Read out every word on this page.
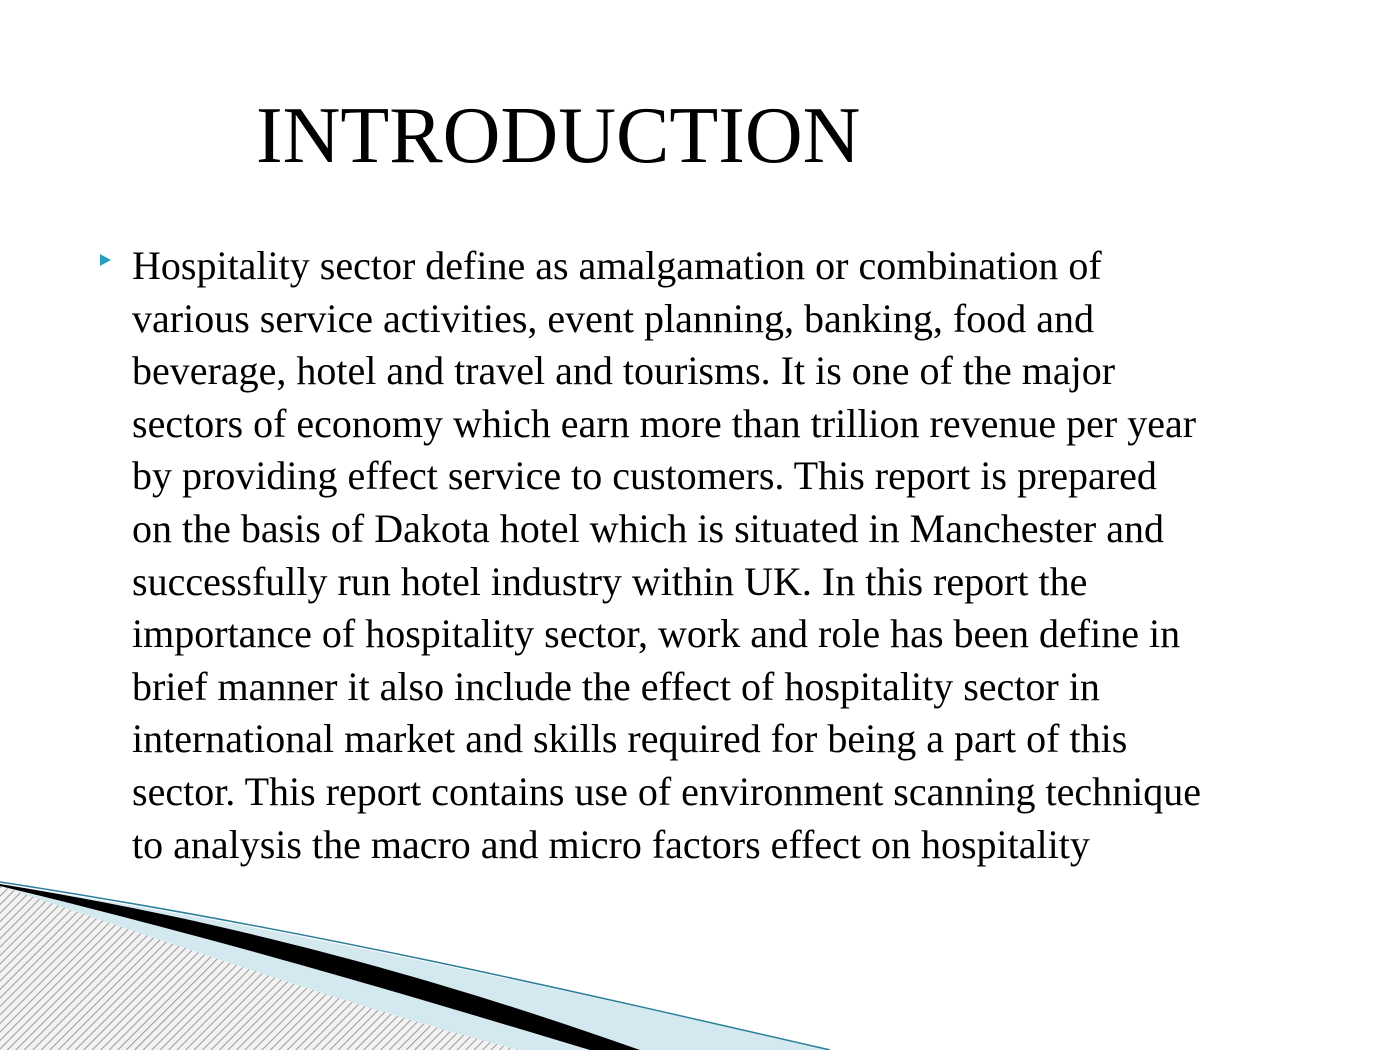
INTRODUCTION
Hospitality sector define as amalgamation or combination of
various service activities, event planning, banking, food and
beverage, hotel and travel and tourisms. It is one of the major
sectors of economy which earn more than trillion revenue per year
by providing effect service to customers. This report is prepared
on the basis of Dakota hotel which is situated in Manchester and
successfully run hotel industry within UK. In this report the
importance of hospitality sector, work and role has been define in
brief manner it also include the effect of hospitality sector in
international market and skills required for being a part of this
sector. This report contains use of environment scanning technique
to analysis the macro and micro factors effect on hospitality
